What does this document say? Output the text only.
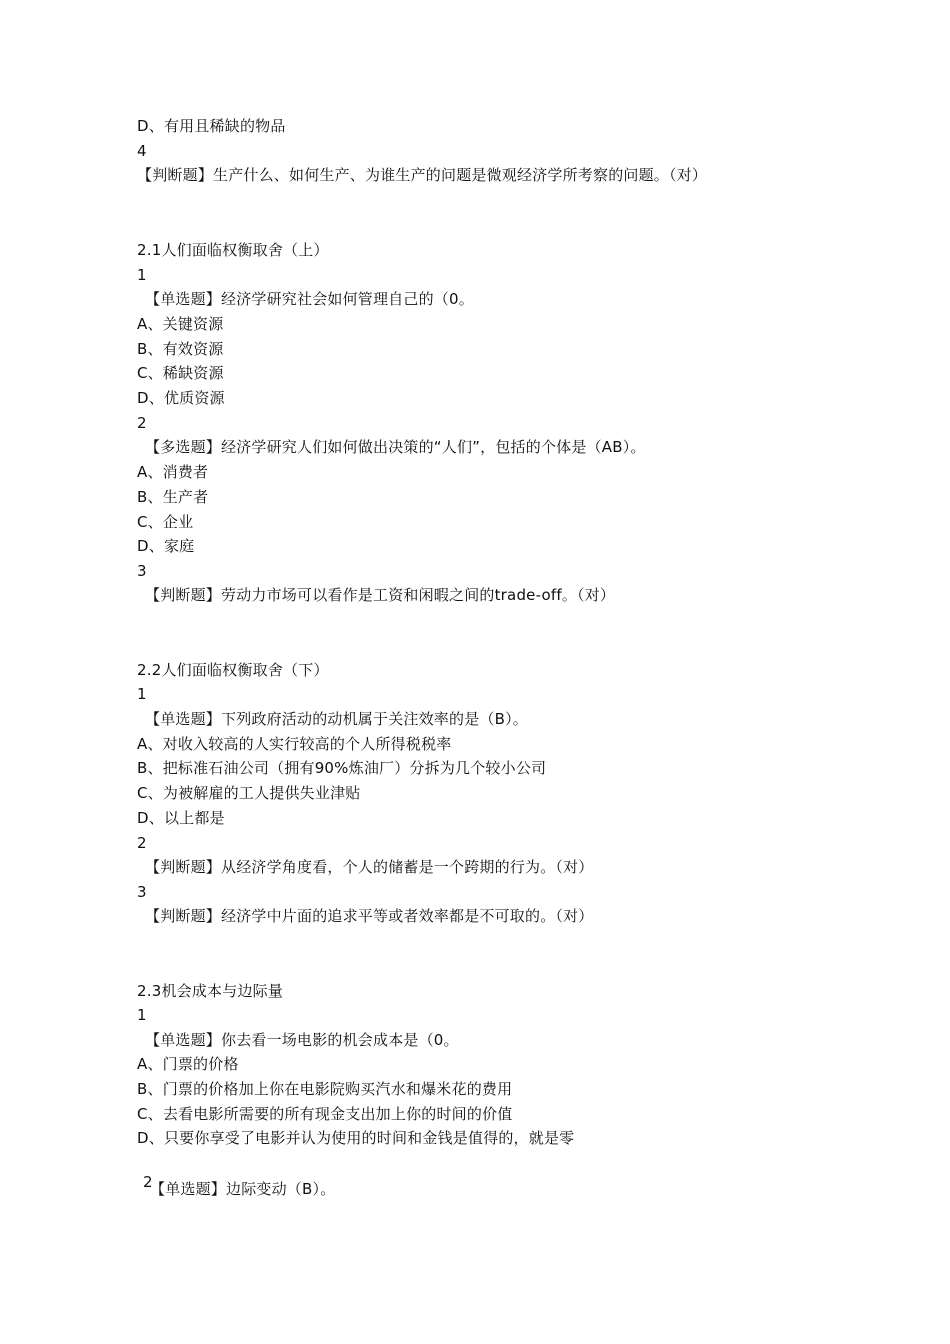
D、有用且稀缺的物品
4
【判断题】生产什么、如何生产、为谁生产的问题是微观经济学所考察的问题。（对）
2.1人们面临权衡取舍（上）
1
【单选题】经济学研究社会如何管理自己的（0。
A、关键资源
B、有效资源
C、稀缺资源
D、优质资源
2
【多选题】经济学研究人们如何做出决策的“人们”，包括的个体是（AB）。
A、消费者
B、生产者
C、企业
D、家庭
3
【判断题】劳动力市场可以看作是工资和闲暇之间的trade-off。（对）
2.2人们面临权衡取舍（下）
1
【单选题】下列政府活动的动机属于关注效率的是（B）。
A、对收入较高的人实行较高的个人所得税税率
B、把标准石油公司（拥有90%炼油厂）分拆为几个较小公司
C、为被解雇的工人提供失业津贴
D、以上都是
2
【判断题】从经济学角度看，个人的储蓄是一个跨期的行为。（对）
3
【判断题】经济学中片面的追求平等或者效率都是不可取的。（对）
2.3机会成本与边际量
1
【单选题】你去看一场电影的机会成本是（0。
A、门票的价格
B、门票的价格加上你在电影院购买汽水和爆米花的费用
C、去看电影所需要的所有现金支出加上你的时间的价值
D、只要你享受了电影并认为使用的时间和金钱是值得的，就是零
2
【单选题】边际变动（B）。
